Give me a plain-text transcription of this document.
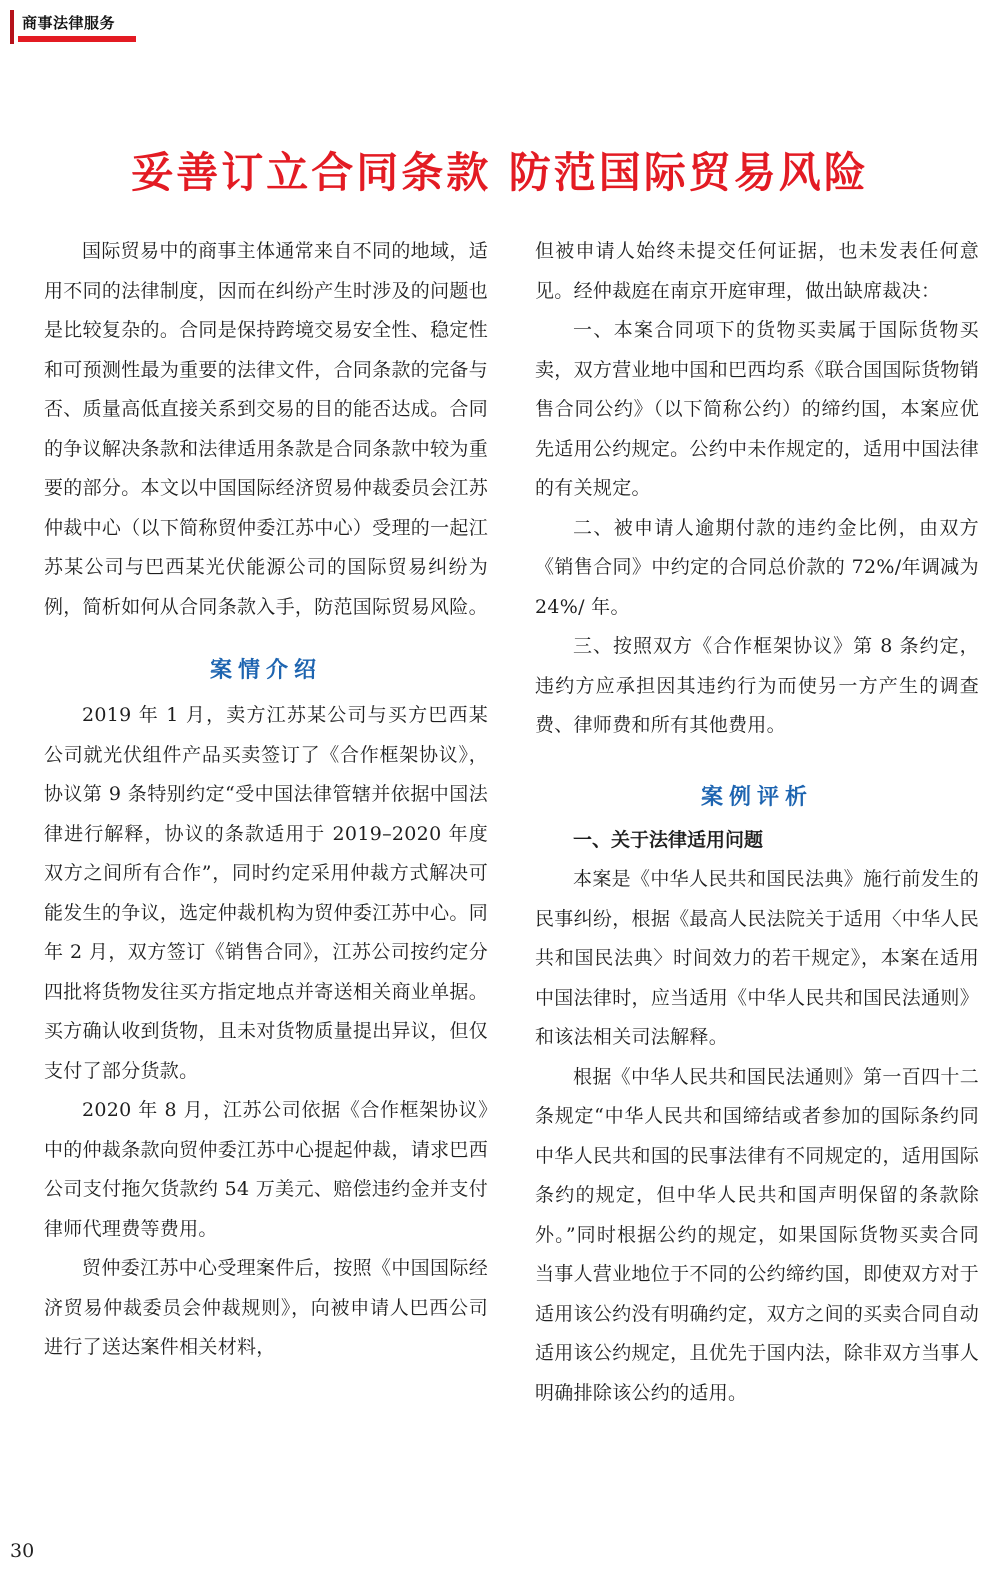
商事法律服务
妥善订立合同条款 防范国际贸易风险

国际贸易中的商事主体通常来自不同的地域，适用不同的法律制度，因而在纠纷产生时涉及的问题也是比较复杂的。合同是保持跨境交易安全性、稳定性和可预测性最为重要的法律文件，合同条款的完备与否、质量高低直接关系到交易的目的能否达成。合同的争议解决条款和法律适用条款是合同条款中较为重要的部分。本文以中国国际经济贸易仲裁委员会江苏仲裁中心（以下简称贸仲委江苏中心）受理的一起江苏某公司与巴西某光伏能源公司的国际贸易纠纷为例，简析如何从合同条款入手，防范国际贸易风险。

案情介绍

2019 年 1 月，卖方江苏某公司与买方巴西某公司就光伏组件产品买卖签订了《合作框架协议》，协议第 9 条特别约定“受中国法律管辖并依据中国法律进行解释，协议的条款适用于 2019–2020 年度双方之间所有合作”，同时约定采用仲裁方式解决可能发生的争议，选定仲裁机构为贸仲委江苏中心。同年 2 月，双方签订《销售合同》，江苏公司按约定分四批将货物发往买方指定地点并寄送相关商业单据。买方确认收到货物，且未对货物质量提出异议，但仅支付了部分货款。

2020 年 8 月，江苏公司依据《合作框架协议》中的仲裁条款向贸仲委江苏中心提起仲裁，请求巴西公司支付拖欠货款约 54 万美元、赔偿违约金并支付律师代理费等费用。

贸仲委江苏中心受理案件后，按照《中国国际经济贸易仲裁委员会仲裁规则》，向被申请人巴西公司进行了送达案件相关材料，

但被申请人始终未提交任何证据，也未发表任何意见。经仲裁庭在南京开庭审理，做出缺席裁决：

一、本案合同项下的货物买卖属于国际货物买卖，双方营业地中国和巴西均系《联合国国际货物销售合同公约》（以下简称公约）的缔约国，本案应优先适用公约规定。公约中未作规定的，适用中国法律的有关规定。

二、被申请人逾期付款的违约金比例，由双方《销售合同》中约定的合同总价款的 72%/年调减为 24%/ 年。

三、按照双方《合作框架协议》第 8 条约定，违约方应承担因其违约行为而使另一方产生的调查费、律师费和所有其他费用。

案例评析

一、关于法律适用问题

本案是《中华人民共和国民法典》施行前发生的民事纠纷，根据《最高人民法院关于适用〈中华人民共和国民法典〉时间效力的若干规定》，本案在适用中国法律时，应当适用《中华人民共和国民法通则》和该法相关司法解释。

根据《中华人民共和国民法通则》第一百四十二条规定“中华人民共和国缔结或者参加的国际条约同中华人民共和国的民事法律有不同规定的，适用国际条约的规定，但中华人民共和国声明保留的条款除外。”同时根据公约的规定，如果国际货物买卖合同当事人营业地位于不同的公约缔约国，即使双方对于适用该公约没有明确约定，双方之间的买卖合同自动适用该公约规定，且优先于国内法，除非双方当事人明确排除该公约的适用。

30
